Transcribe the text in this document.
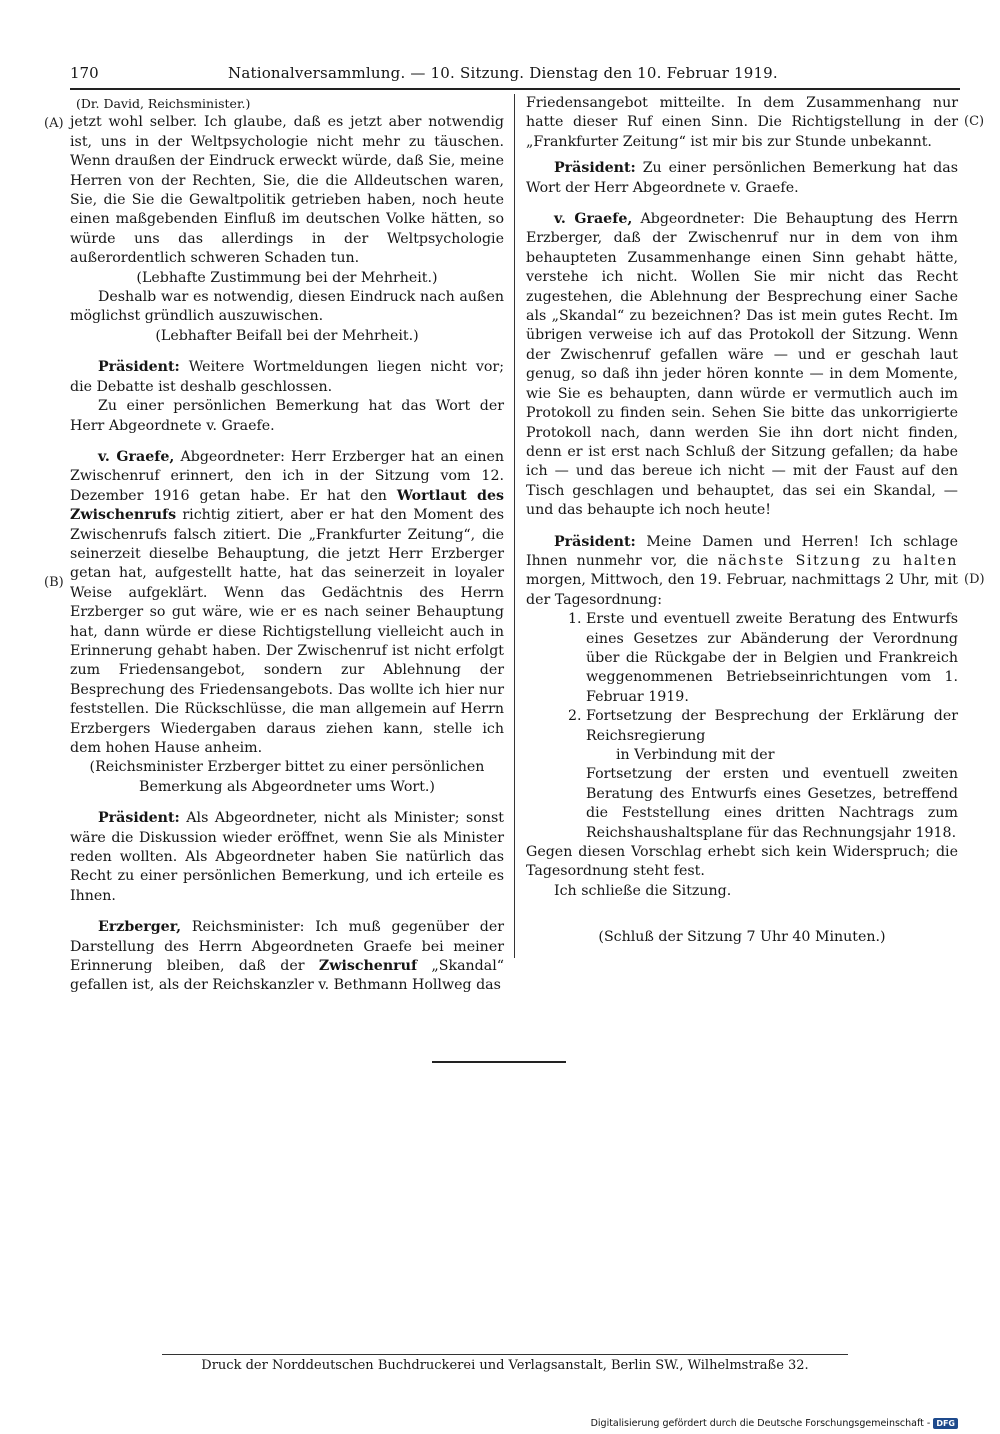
170	Nationalversammlung. — 10. Sitzung. Dienstag den 10. Februar 1919.
(A)
(B)
(C)
(D)

(Dr. David, Reichsminister.)

jetzt wohl selber. Ich glaube, daß es jetzt aber notwendig ist, uns in der Weltpsychologie nicht mehr zu täuschen. Wenn draußen der Eindruck erweckt würde, daß Sie, meine Herren von der Rechten, Sie, die die Alldeutschen waren, Sie, die Sie die Gewaltpolitik getrieben haben, noch heute einen maßgebenden Einfluß im deutschen Volke hätten, so würde uns das allerdings in der Weltpsychologie außerordentlich schweren Schaden tun.

(Lebhafte Zustimmung bei der Mehrheit.)

Deshalb war es notwendig, diesen Eindruck nach außen möglichst gründlich auszuwischen.

(Lebhafter Beifall bei der Mehrheit.)

Präsident: Weitere Wortmeldungen liegen nicht vor; die Debatte ist deshalb geschlossen.

Zu einer persönlichen Bemerkung hat das Wort der Herr Abgeordnete v. Graefe.

v. Graefe, Abgeordneter: Herr Erzberger hat an einen Zwischenruf erinnert, den ich in der Sitzung vom 12. Dezember 1916 getan habe. Er hat den Wortlaut des Zwischenrufs richtig zitiert, aber er hat den Moment des Zwischenrufs falsch zitiert. Die „Frankfurter Zeitung“, die seinerzeit dieselbe Behauptung, die jetzt Herr Erzberger getan hat, aufgestellt hatte, hat das seinerzeit in loyaler Weise aufgeklärt. Wenn das Gedächtnis des Herrn Erzberger so gut wäre, wie er es nach seiner Behauptung hat, dann würde er diese Richtigstellung vielleicht auch in Erinnerung gehabt haben. Der Zwischenruf ist nicht erfolgt zum Friedensangebot, sondern zur Ablehnung der Besprechung des Friedensangebots. Das wollte ich hier nur feststellen. Die Rückschlüsse, die man allgemein auf Herrn Erzbergers Wiedergaben daraus ziehen kann, stelle ich dem hohen Hause anheim.

(Reichsminister Erzberger bittet zu einer persönlichen Bemerkung als Abgeordneter ums Wort.)

Präsident: Als Abgeordneter, nicht als Minister; sonst wäre die Diskussion wieder eröffnet, wenn Sie als Minister reden wollten. Als Abgeordneter haben Sie natürlich das Recht zu einer persönlichen Bemerkung, und ich erteile es Ihnen.

Erzberger, Reichsminister: Ich muß gegenüber der Darstellung des Herrn Abgeordneten Graefe bei meiner Erinnerung bleiben, daß der Zwischenruf „Skandal“ gefallen ist, als der Reichskanzler v. Bethmann Hollweg das

Friedensangebot mitteilte. In dem Zusammenhang nur hatte dieser Ruf einen Sinn. Die Richtigstellung in der „Frankfurter Zeitung“ ist mir bis zur Stunde unbekannt.

Präsident: Zu einer persönlichen Bemerkung hat das Wort der Herr Abgeordnete v. Graefe.

v. Graefe, Abgeordneter: Die Behauptung des Herrn Erzberger, daß der Zwischenruf nur in dem von ihm behaupteten Zusammenhange einen Sinn gehabt hätte, verstehe ich nicht. Wollen Sie mir nicht das Recht zugestehen, die Ablehnung der Besprechung einer Sache als „Skandal“ zu bezeichnen? Das ist mein gutes Recht. Im übrigen verweise ich auf das Protokoll der Sitzung. Wenn der Zwischenruf gefallen wäre — und er geschah laut genug, so daß ihn jeder hören konnte — in dem Momente, wie Sie es behaupten, dann würde er vermutlich auch im Protokoll zu finden sein. Sehen Sie bitte das unkorrigierte Protokoll nach, dann werden Sie ihn dort nicht finden, denn er ist erst nach Schluß der Sitzung gefallen; da habe ich — und das bereue ich nicht — mit der Faust auf den Tisch geschlagen und behauptet, das sei ein Skandal, — und das behaupte ich noch heute!

Präsident: Meine Damen und Herren! Ich schlage Ihnen nunmehr vor, die nächste Sitzung zu halten morgen, Mittwoch, den 19. Februar, nachmittags 2 Uhr, mit der Tagesordnung:

1. Erste und eventuell zweite Beratung des Entwurfs eines Gesetzes zur Abänderung der Verordnung über die Rückgabe der in Belgien und Frankreich weggenommenen Betriebseinrichtungen vom 1. Februar 1919.
2. Fortsetzung der Besprechung der Erklärung der Reichsregierung
in Verbindung mit der
Fortsetzung der ersten und eventuell zweiten Beratung des Entwurfs eines Gesetzes, betreffend die Feststellung eines dritten Nachtrags zum Reichshaushaltsplane für das Rechnungsjahr 1918.

Gegen diesen Vorschlag erhebt sich kein Widerspruch; die Tagesordnung steht fest.

Ich schließe die Sitzung.

(Schluß der Sitzung 7 Uhr 40 Minuten.)

Druck der Norddeutschen Buchdruckerei und Verlagsanstalt, Berlin SW., Wilhelmstraße 32.
Digitalisierung gefördert durch die Deutsche Forschungsgemeinschaft - DFG
